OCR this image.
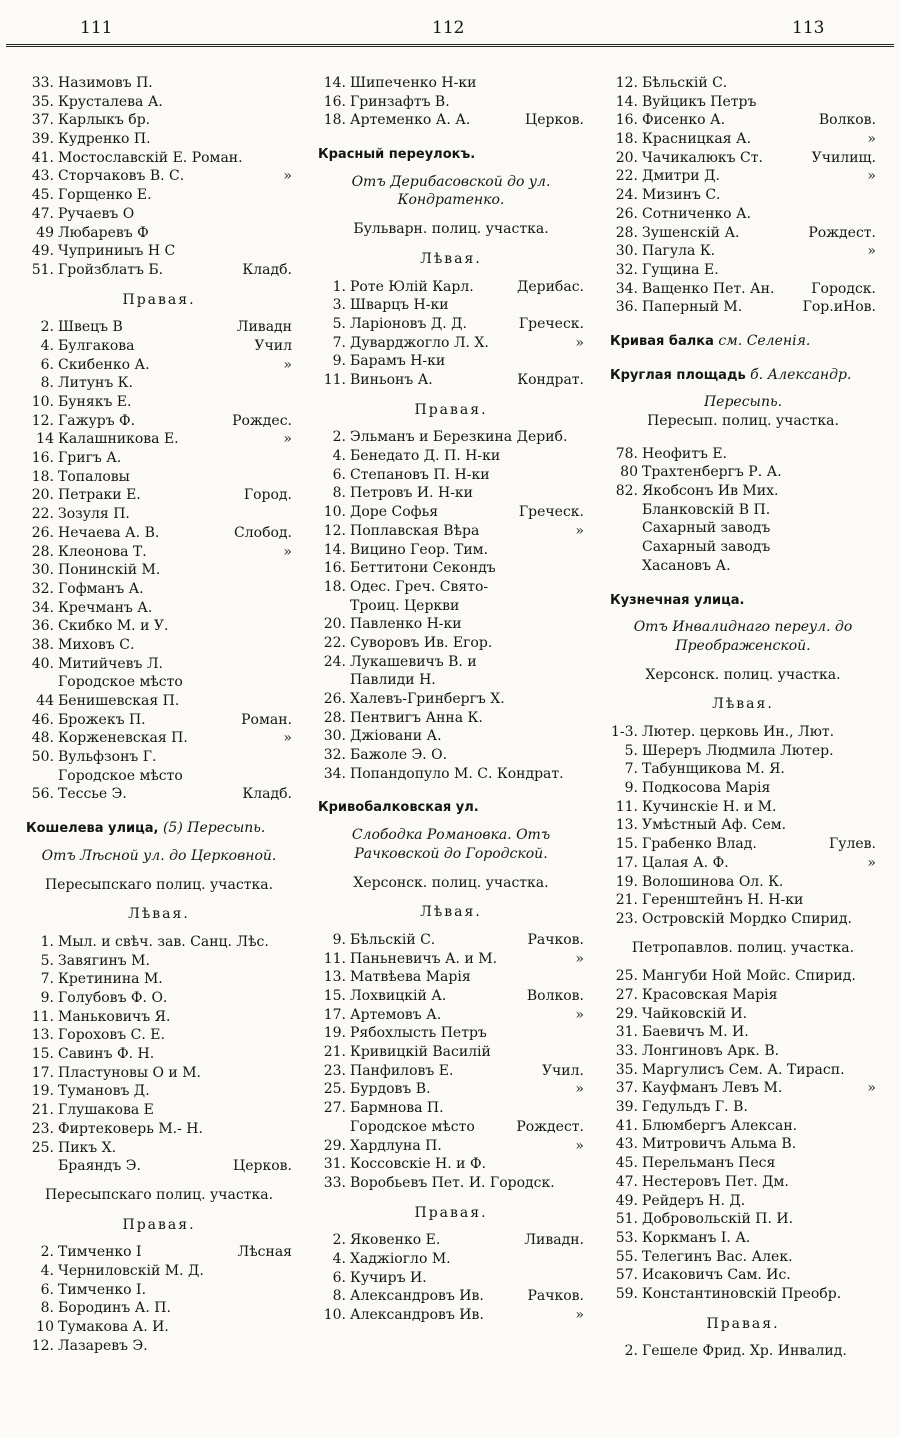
111	112	113
33. Назимовъ П.
35. Крусталева А.
37. Карлыкъ бр.
39. Кудренко П.
41. Мостославскій Е. Роман.
43. Сторчаковъ В. С.	»
45. Горщенко Е.
47. Ручаевъ О
49 Любаревъ Ф
49. Чуприниыъ Н С
51. Гройзблатъ Б.	Кладб.
Правая.
2. Швецъ В	Ливадн
4. Булгакова	Учил
6. Скибенко А.	»
8. Литунъ К.
10. Бунякъ Е.
12. Гажуръ Ф.	Рождес.
14 Калашникова Е.	»
16. Григъ А.
18. Топаловы
20. Петраки Е.	Город.
22. Зозуля П.
26. Нечаева А. В.	Слобод.
28. Клеонова Т.	»
30. Понинскій М.
32. Гофманъ А.
34. Кречманъ А.
36. Скибко М. и У.
38. Миховъ С.
40. Митийчевъ Л.
Городское мѣсто
44 Бенишевская П.
46. Брожекъ П.	Роман.
48. Корженевская П.	»
50. Вульфзонъ Г.
Городское мѣсто
56. Тессье Э.	Кладб.
Кошелева улица, (5) Пересыпь.
Отъ Лѣсной ул. до Церковной.
Пересыпскаго полиц. участка.
Лѣвая.
1. Мыл. и свѣч. зав. Санц. Лѣс.
5. Завягинъ М.
7. Кретинина М.
9. Голубовъ Ф. О.
11. Маньковичъ Я.
13. Гороховъ С. Е.
15. Савинъ Ф. Н.
17. Пластуновы О и М.
19. Тумановъ Д.
21. Глушакова Е
23. Фиртековерь М.- Н.
25. Пикъ Х.
Браяндъ Э.	Церков.
Пересыпскаго полиц. участка.
Правая.
2. Тимченко I	Лѣсная
4. Черниловскій М. Д.
6. Тимченко I.
8. Бородинъ А. П.
10 Тумакова А. И.
12. Лазаревъ Э.
14. Шипеченко Н-ки
16. Гринзафтъ В.
18. Артеменко А. А.	Церков.
Красный переулокъ.
Отъ Дерибасовской до ул.
Кондратенко.
Бульварн. полиц. участка.
Лѣвая.
1. Роте Юлій Карл.	Дерибас.
3. Шварцъ Н-ки
5. Ларіоновъ Д. Д.	Греческ.
7. Дуварджогло Л. Х.	»
9. Барамъ Н-ки
11. Виньонъ А.	Кондрат.
Правая.
2. Эльманъ и Березкина Дериб.
4. Бенедато Д. П. Н-ки
6. Степановъ П. Н-ки
8. Петровъ И. Н-ки
10. Доре Софья	Греческ.
12. Поплавская Вѣра	»
14. Вицино Геор. Тим.
16. Беттитони Секондъ
18. Одес. Греч. Свято-
Троиц. Церкви
20. Павленко Н-ки
22. Суворовъ Ив. Егор.
24. Лукашевичъ В. и
Павлиди Н.
26. Халевъ-Гринбергъ Х.
28. Пентвигъ Анна К.
30. Джіовани А.
32. Бажоле Э. О.
34. Попандопуло М. С. Кондрат.
Кривобалковская ул.
Слободка Романовка. Отъ
Рачковской до Городской.
Херсонск. полиц. участка.
Лѣвая.
9. Бѣльскій С.	Рачков.
11. Паньневичъ А. и М.	»
13. Матвѣева Марія
15. Лохвицкій А.	Волков.
17. Артемовъ А.	»
19. Рябохлысть Петръ
21. Кривицкій Василій
23. Панфиловъ Е.	Учил.
25. Бурдовъ В.	»
27. Бармнова П.
Городское мѣсто	Рождест.
29. Хардлуна П.	»
31. Коссовскіе Н. и Ф.
33. Воробьевъ Пет. И. Городск.
Правая.
2. Яковенко Е.	Ливадн.
4. Хаджіогло М.
6. Кучиръ И.
8. Александровъ Ив.	Рачков.
10. Александровъ Ив.	»
12. Бѣльскій С.
14. Вуйцикъ Петръ
16. Фисенко А.	Волков.
18. Красницкая А.	»
20. Чачикалюкъ Ст.	Училищ.
22. Дмитри Д.	»
24. Мизинъ С.
26. Сотниченко А.
28. Зушенскій А.	Рождест.
30. Пагула К.	»
32. Гущина Е.
34. Ващенко Пет. Ан.	Городск.
36. Паперный М.	Гор.иНов.
Кривая балка см. Селенія.
Круглая площадь б. Александр.
Пересыпь.
Пересып. полиц. участка.
78. Неофитъ Е.
80 Трахтенбергъ Р. А.
82. Якобсонъ Ив Мих.
Бланковскій В П.
Сахарный заводъ
Сахарный заводъ
Хасановъ А.
Кузнечная улица.
Отъ Инвалиднаго переул. до
Преображенской.
Херсонск. полиц. участка.
Лѣвая.
1-3. Лютер. церковь Ин., Лют.
5. Шереръ Людмила Лютер.
7. Табунщикова М. Я.
9. Подкосова Марія
11. Кучинскіе Н. и М.
13. Умѣстный Аф. Сем.
15. Грабенко Влад.	Гулев.
17. Цалая А. Ф.	»
19. Волошинова Ол. К.
21. Геренштейнъ Н. Н-ки
23. Островскій Мордко Спирид.
Петропавлов. полиц. участка.
25. Мангуби Ной Мойс. Спирид.
27. Красовская Марія
29. Чайковскій И.
31. Баевичъ М. И.
33. Лонгиновъ Арк. В.
35. Маргулисъ Сем. А. Тирасп.
37. Кауфманъ Левъ М.	»
39. Гедульдъ Г. В.
41. Блюмбергъ Алексан.
43. Митровичъ Альма В.
45. Перельманъ Песя
47. Нестеровъ Пет. Дм.
49. Рейдеръ Н. Д.
51. Добровольскій П. И.
53. Коркманъ I. А.
55. Телегинъ Вас. Алек.
57. Исаковичъ Сам. Ис.
59. Константиновскій Преобр.
Правая.
2. Гешеле Фрид. Хр. Инвалид.
